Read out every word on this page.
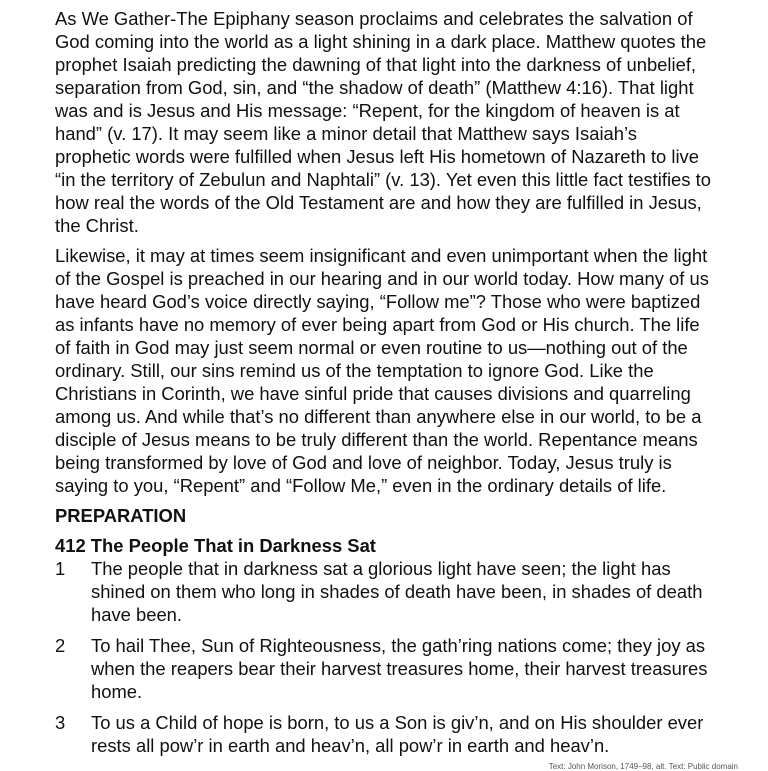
As We Gather-The Epiphany season proclaims and celebrates the salvation of God coming into the world as a light shining in a dark place. Matthew quotes the prophet Isaiah predicting the dawning of that light into the darkness of unbelief, separation from God, sin, and “the shadow of death” (Matthew 4:16). That light was and is Jesus and His message: “Repent, for the kingdom of heaven is at hand” (v. 17). It may seem like a minor detail that Matthew says Isaiah’s prophetic words were fulfilled when Jesus left His hometown of Nazareth to live “in the territory of Zebulun and Naphtali” (v. 13). Yet even this little fact testifies to how real the words of the Old Testament are and how they are fulfilled in Jesus, the Christ.

Likewise, it may at times seem insignificant and even unimportant when the light of the Gospel is preached in our hearing and in our world today. How many of us have heard God’s voice directly saying, “Follow me”? Those who were baptized as infants have no memory of ever being apart from God or His church. The life of faith in God may just seem normal or even routine to us—nothing out of the ordinary. Still, our sins remind us of the temptation to ignore God. Like the Christians in Corinth, we have sinful pride that causes divisions and quarreling among us. And while that’s no different than anywhere else in our world, to be a disciple of Jesus means to be truly different than the world. Repentance means being transformed by love of God and love of neighbor. Today, Jesus truly is saying to you, “Repent” and “Follow Me,” even in the ordinary details of life.

PREPARATION
412 The People That in Darkness Sat
1	The people that in darkness sat a glorious light have seen; the light has shined on them who long in shades of death have been, in shades of death have been.
2	To hail Thee, Sun of Righteousness, the gath’ring nations come; they joy as when the reapers bear their harvest treasures home, their harvest treasures home.
3	To us a Child of hope is born, to us a Son is giv’n, and on His shoulder ever rests all pow’r in earth and heav’n, all pow’r in earth and heav’n.
Text: John Morison, 1749–98, alt. Text: Public domain
